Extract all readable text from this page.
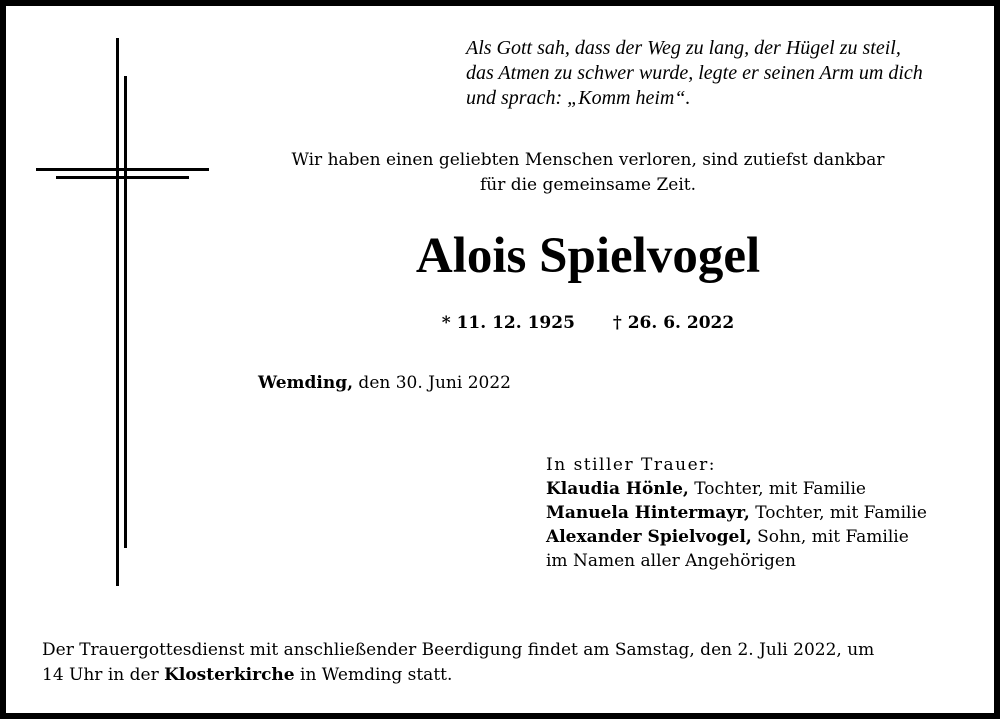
Als Gott sah, dass der Weg zu lang, der Hügel zu steil,
das Atmen zu schwer wurde, legte er seinen Arm um dich
und sprach: „Komm heim“.
Wir haben einen geliebten Menschen verloren, sind zutiefst dankbar
für die gemeinsame Zeit.
Alois Spielvogel
* 11. 12. 1925 † 26. 6. 2022
Wemding, den 30. Juni 2022
In stiller Trauer:
Klaudia Hönle, Tochter, mit Familie
Manuela Hintermayr, Tochter, mit Familie
Alexander Spielvogel, Sohn, mit Familie
im Namen aller Angehörigen
Der Trauergottesdienst mit anschließender Beerdigung findet am Samstag, den 2. Juli 2022, um
14 Uhr in der Klosterkirche in Wemding statt.
